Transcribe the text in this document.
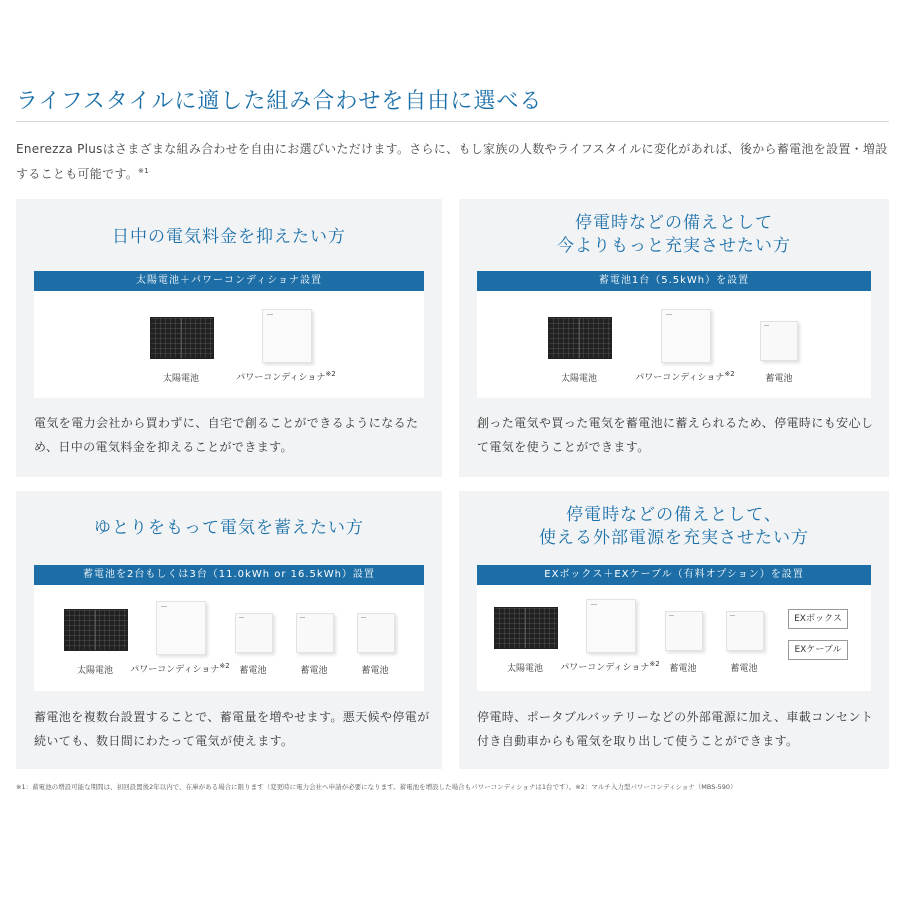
ライフスタイルに適した組み合わせを自由に選べる
Enerezza Plusはさまざまな組み合わせを自由にお選びいただけます。さらに、もし家族の人数やライフスタイルに変化があれば、後から蓄電池を設置・増設することも可能です。$^{※1}$
日中の電気料金を抑えたい方
太陽電池＋パワーコンディショナ設置
太陽電池	パワーコンディショナ$^{※2}$
電気を電力会社から買わずに、自宅で創ることができるようになるため、日中の電気料金を抑えることができます。
停電時などの備えとして
今よりもっと充実させたい方
蓄電池1台（5.5kWh）を設置
太陽電池	パワーコンディショナ$^{※2}$	蓄電池
創った電気や買った電気を蓄電池に蓄えられるため、停電時にも安心して電気を使うことができます。
ゆとりをもって電気を蓄えたい方
蓄電池を2台もしくは3台（11.0kWh or 16.5kWh）設置
太陽電池 パワーコンディショナ$^{※2}$ 蓄電池	蓄電池	蓄電池
蓄電池を複数台設置することで、蓄電量を増やせます。悪天候や停電が続いても、数日間にわたって電気が使えます。
停電時などの備えとして、
使える外部電源を充実させたい方
EXボックス＋EXケーブル（有料オプション）を設置
EXボックス
EXケーブル
太陽電池 パワーコンディショナ$^{※2}$ 蓄電池	蓄電池
停電時、ポータブルバッテリーなどの外部電源に加え、車載コンセント付き自動車からも電気を取り出して使うことができます。
※1：蓄電池の増設可能な期間は、初回設置後2年以内で、在庫がある場合に限ります（変更時に電力会社へ申請が必要になります。蓄電池を増設した場合もパワーコンディショナは1台です）。※2：マルチ入力型パワーコンディショナ（MBS-590）
